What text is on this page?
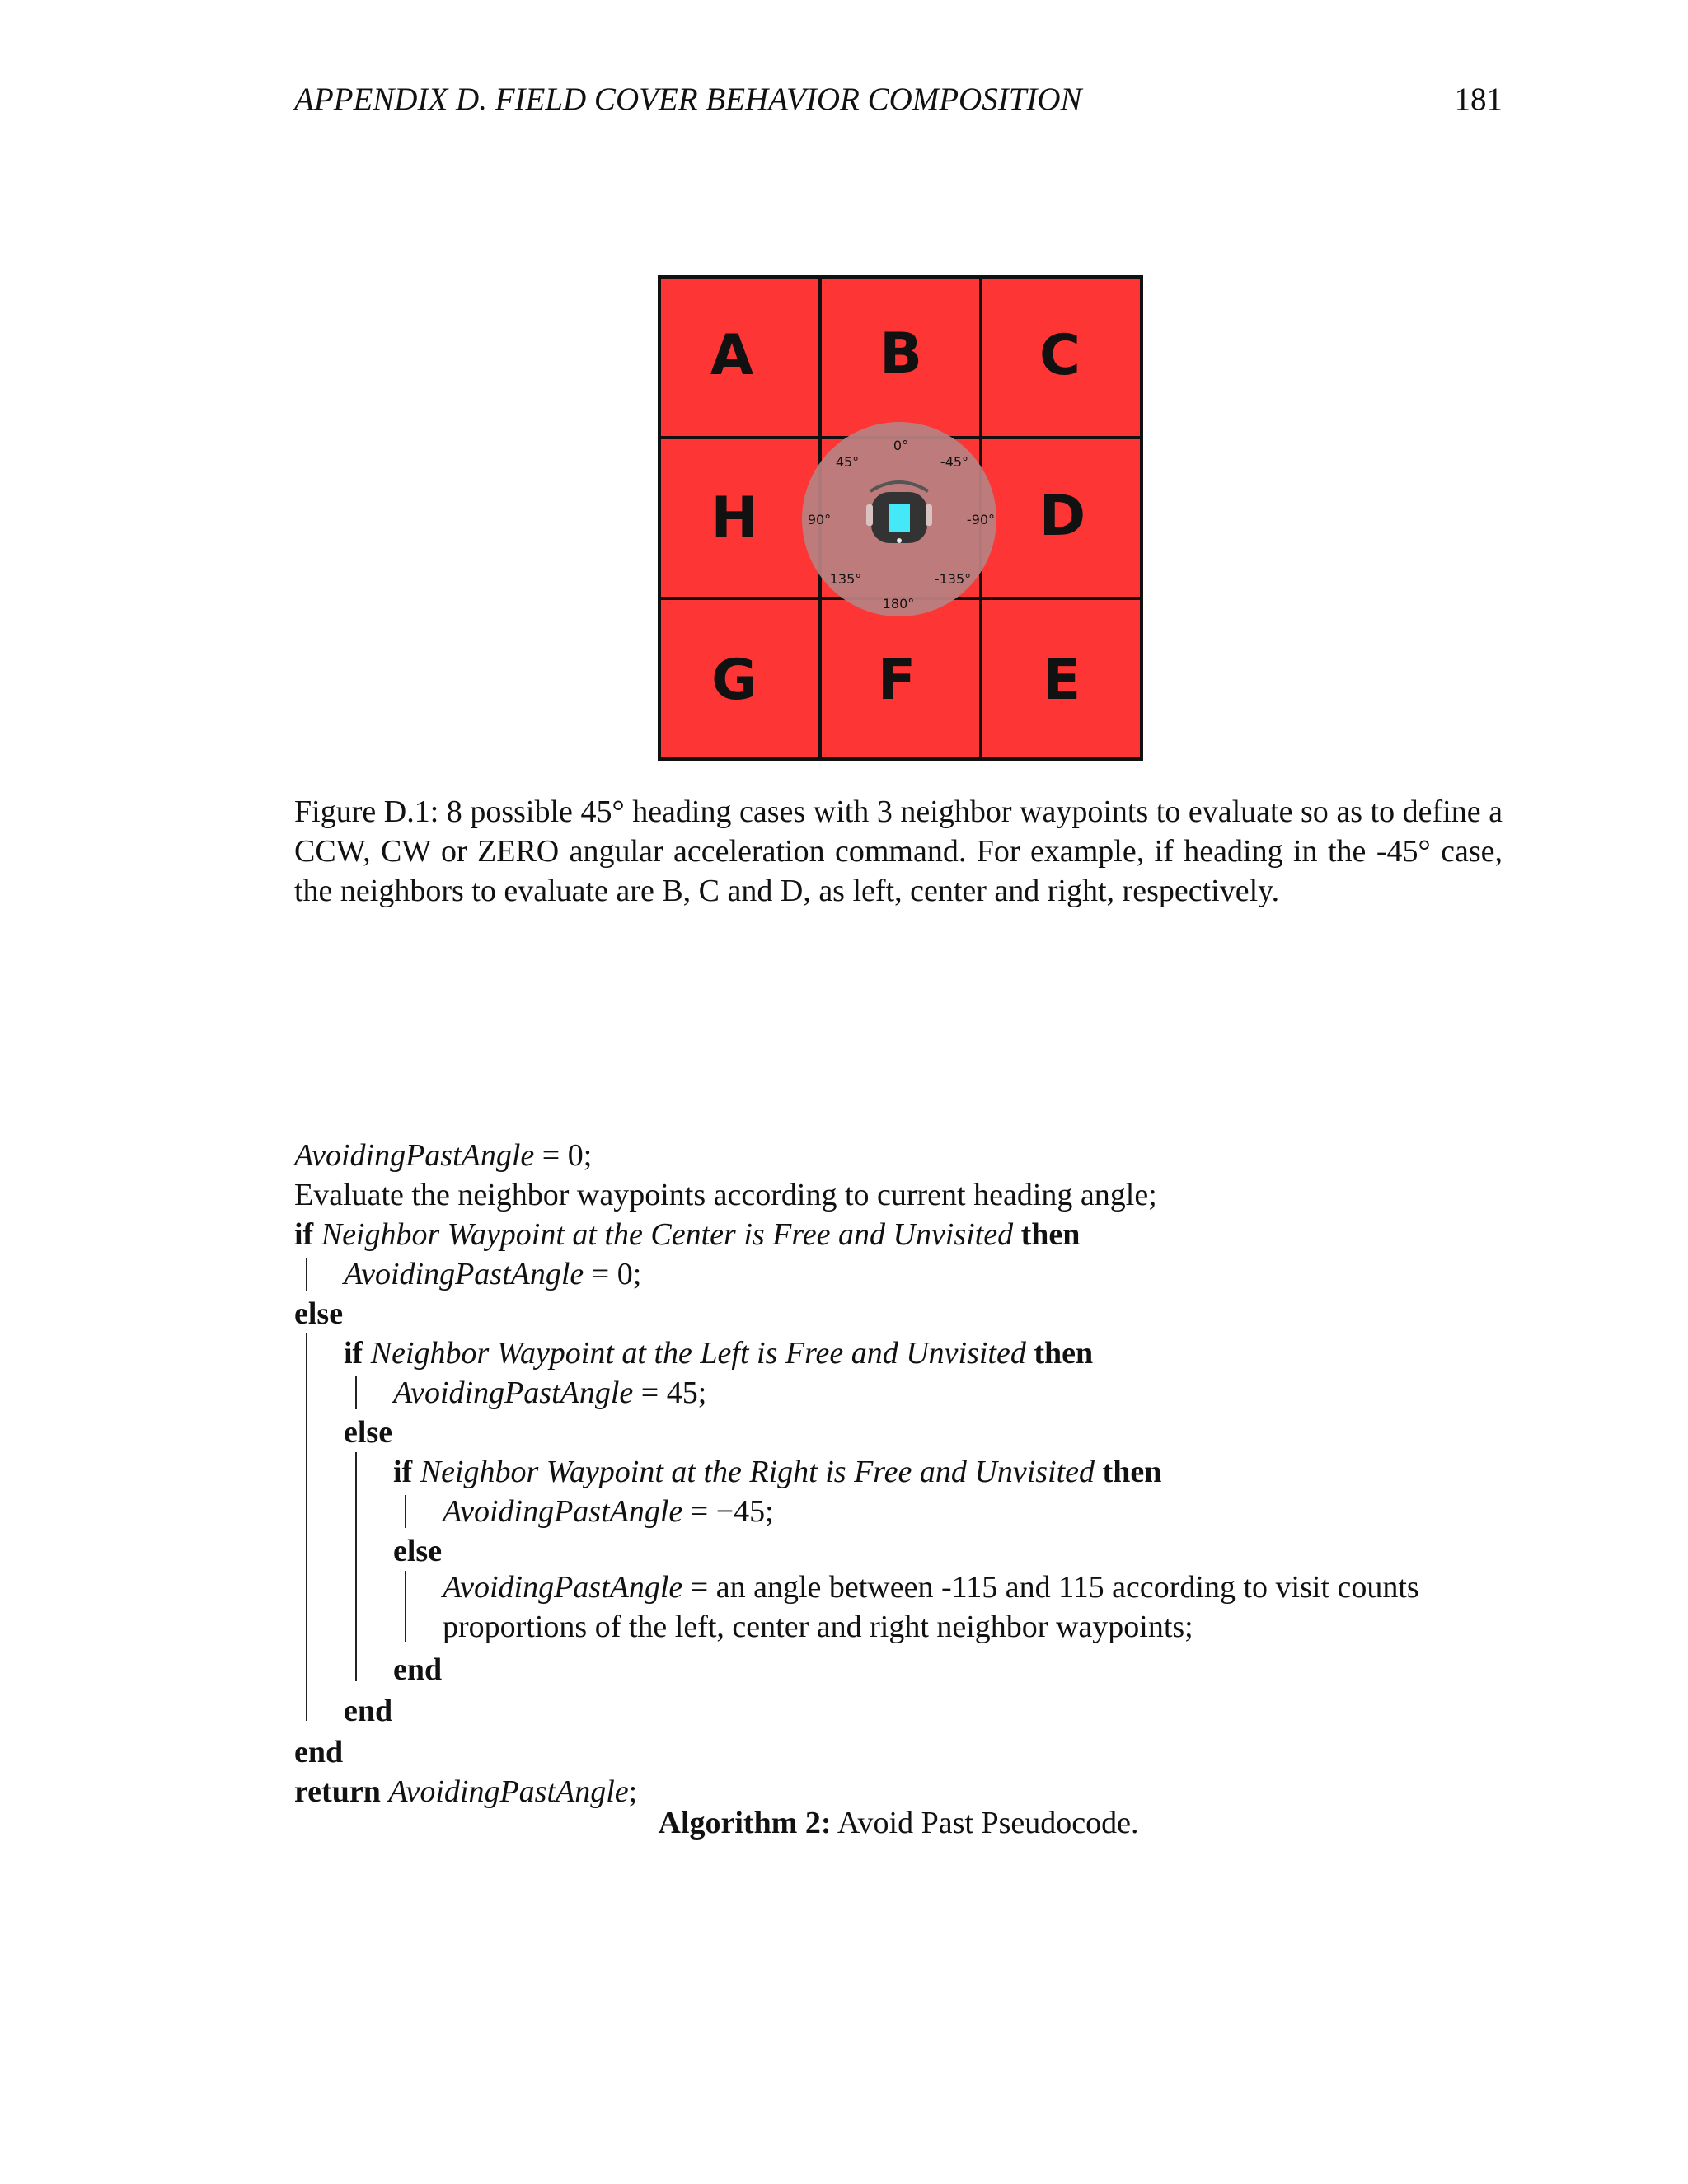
APPENDIX D. FIELD COVER BEHAVIOR COMPOSITION	181
A B C
H	D
G F E
0°
45°	-45°
90°	-90°
135°	-135°
180°
Figure D.1: 8 possible 45° heading cases with 3 neighbor waypoints to evaluate so as to define a CCW, CW or ZERO angular acceleration command. For example, if heading in the -45° case, the neighbors to evaluate are B, C and D, as left, center and right, respectively.
AvoidingPastAngle = 0;
Evaluate the neighbor waypoints according to current heading angle;
if Neighbor Waypoint at the Center is Free and Unvisited then
AvoidingPastAngle = 0;
else
if Neighbor Waypoint at the Left is Free and Unvisited then
AvoidingPastAngle = 45;
else
if Neighbor Waypoint at the Right is Free and Unvisited then
AvoidingPastAngle = −45;
else
AvoidingPastAngle = an angle between -115 and 115 according to visit counts
proportions of the left, center and right neighbor waypoints;
end
end
end
return AvoidingPastAngle;
Algorithm 2: Avoid Past Pseudocode.
